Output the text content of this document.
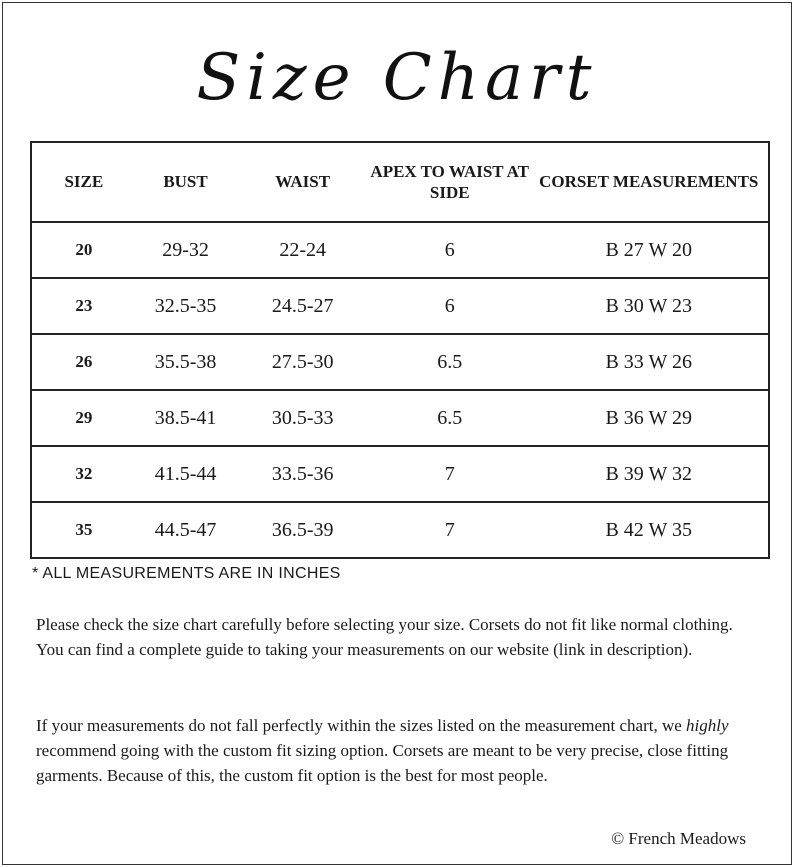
Size Chart
SIZE	BUST	WAIST	APEX TO WAIST AT SIDE	CORSET MEASUREMENTS
20	29-32	22-24	6	B 27 W 20
23	32.5-35	24.5-27	6	B 30 W 23
26	35.5-38	27.5-30	6.5	B 33 W 26
29	38.5-41	30.5-33	6.5	B 36 W 29
32	41.5-44	33.5-36	7	B 39 W 32
35	44.5-47	36.5-39	7	B 42 W 35
* ALL MEASUREMENTS ARE IN INCHES

Please check the size chart carefully before selecting your size. Corsets do not fit like normal clothing. You can find a complete guide to taking your measurements on our website (link in description).

If your measurements do not fall perfectly within the sizes listed on the measurement chart, we highly recommend going with the custom fit sizing option. Corsets are meant to be very precise, close fitting garments. Because of this, the custom fit option is the best for most people.

© French Meadows
